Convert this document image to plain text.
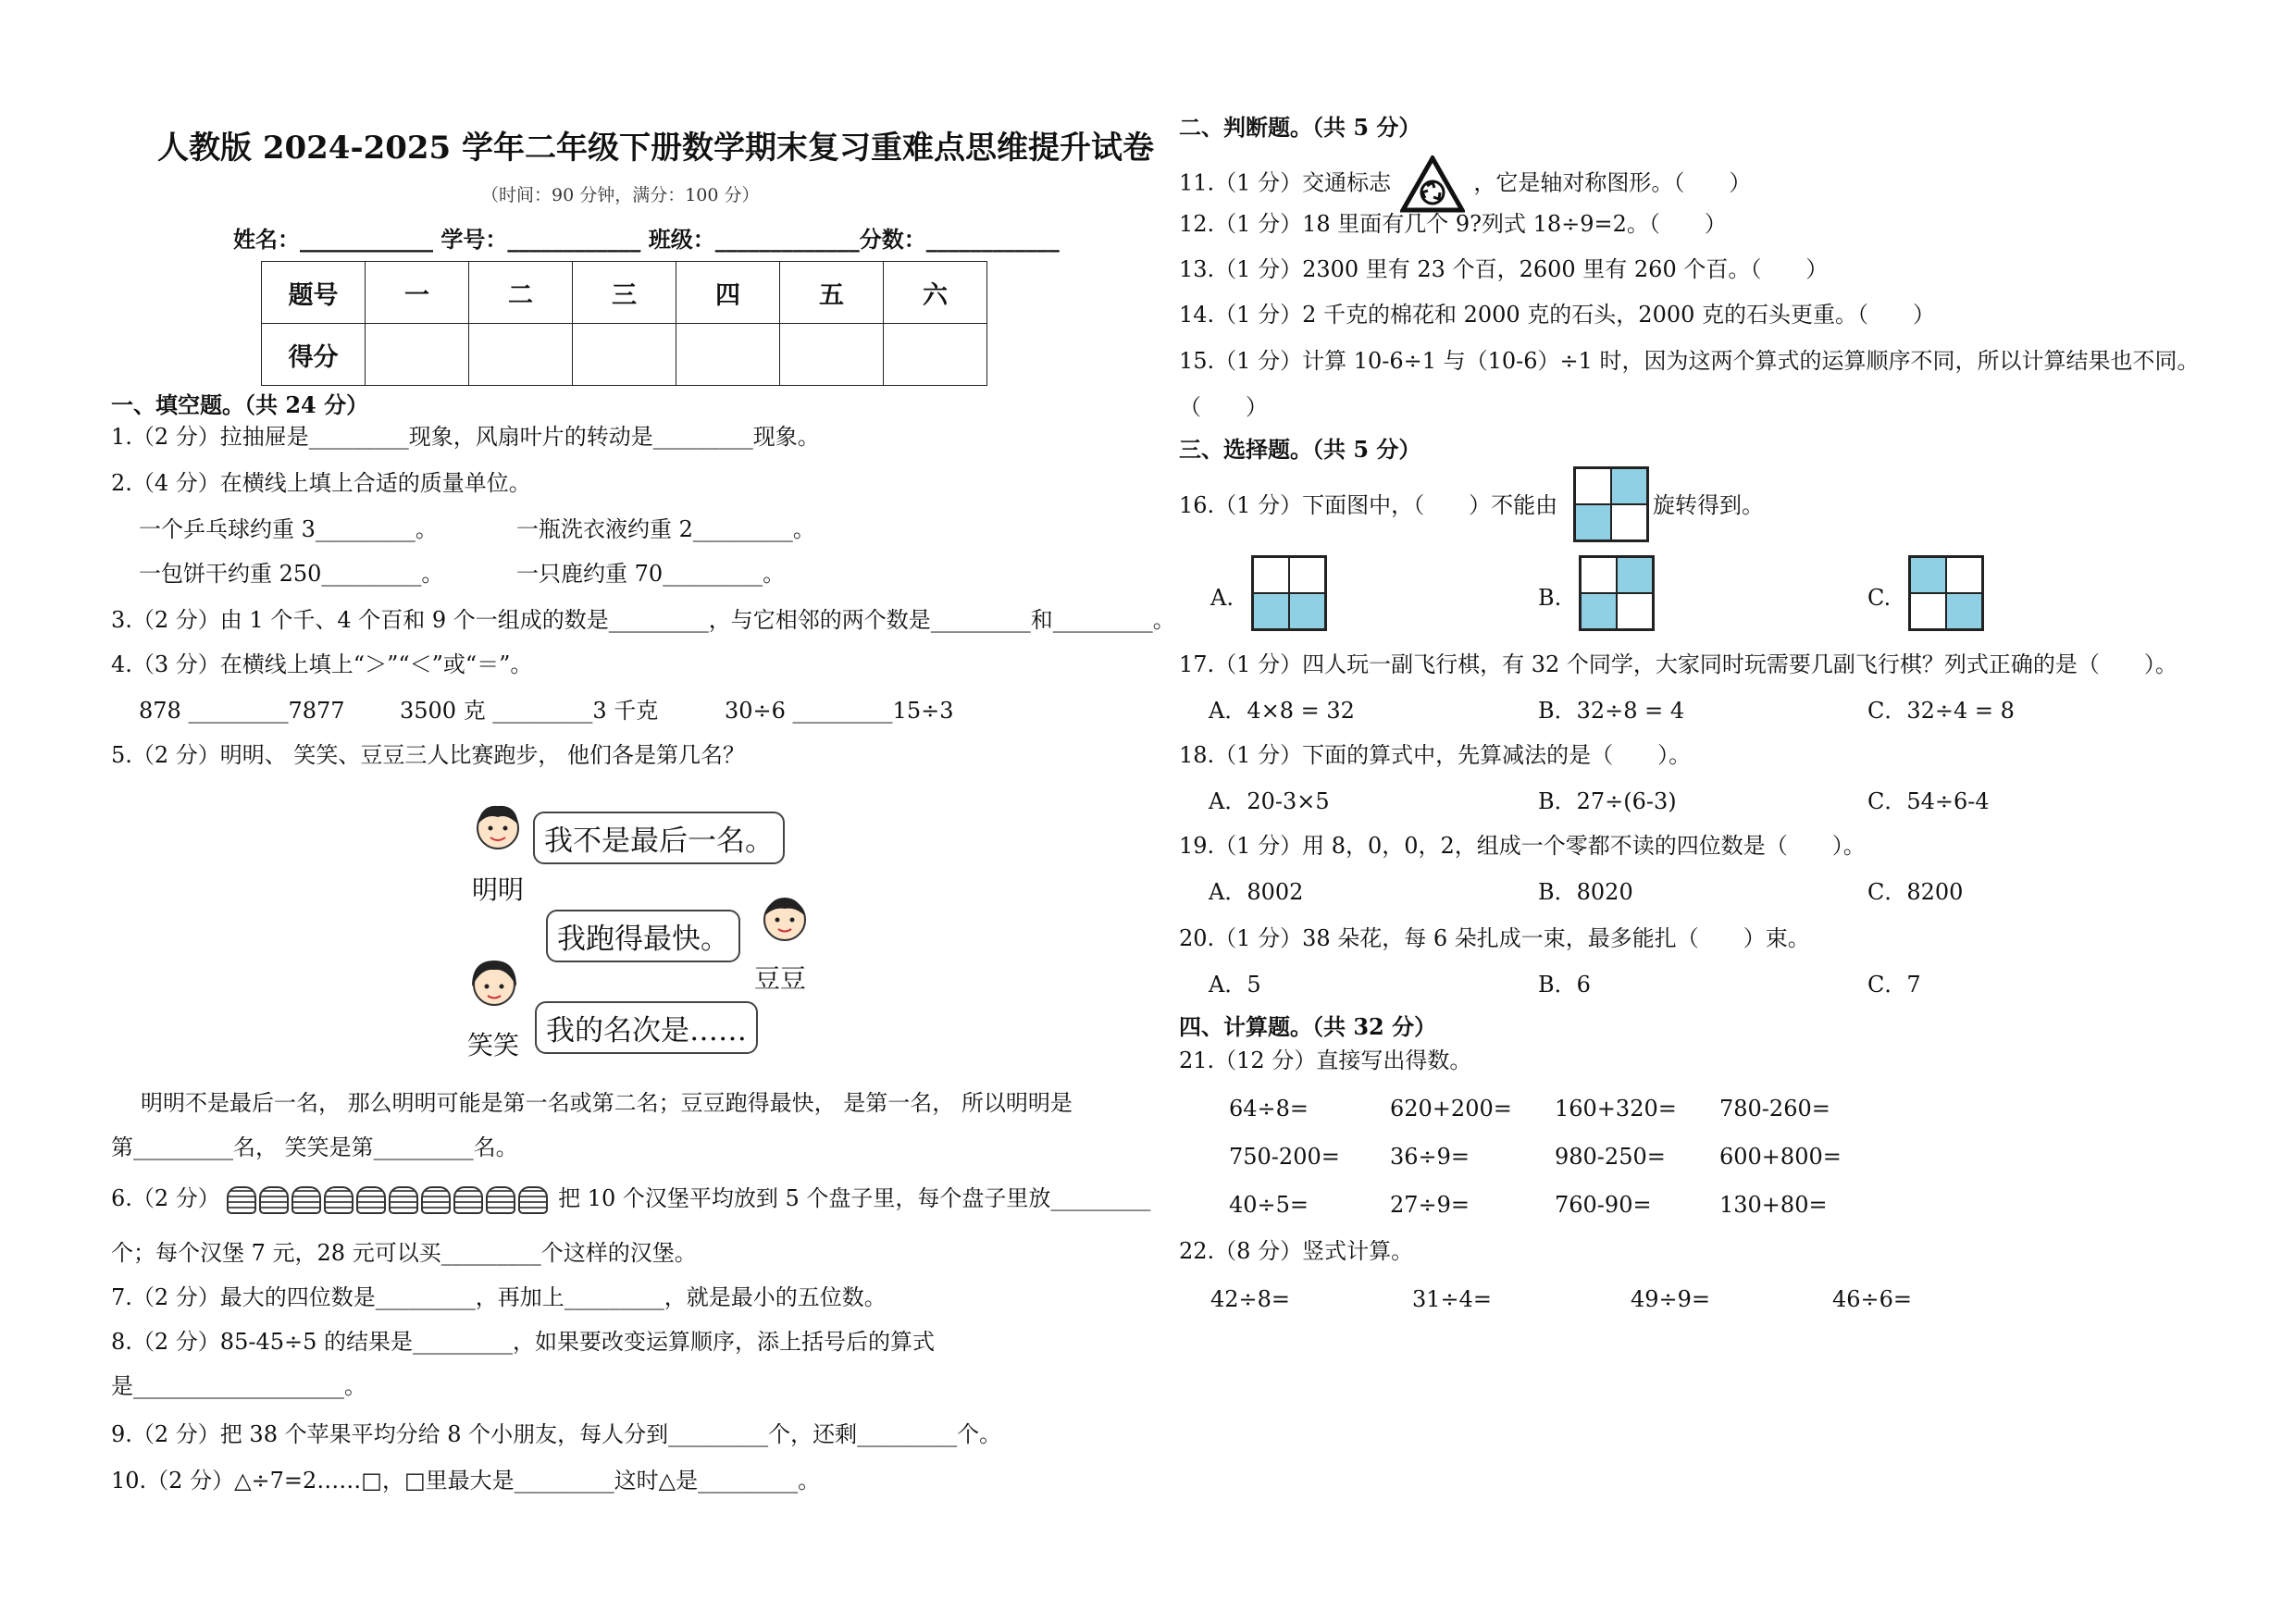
人教版 2024-2025 学年二年级下册数学期末复习重难点思维提升试卷
（时间：90 分钟，满分：100 分）
姓名：____________ 学号：____________ 班级：_____________分数：____________
题号	一	二	三	四	五	六
得分						
一、填空题。（共 24 分）
1.（2 分）拉抽屉是_________现象，风扇叶片的转动是_________现象。
2.（4 分）在横线上填上合适的质量单位。
一个乒乓球约重 3_________。	一瓶洗衣液约重 2_________。
一包饼干约重 250_________。	一只鹿约重 70_________。
3.（2 分）由 1 个千、4 个百和 9 个一组成的数是_________，与它相邻的两个数是_________和_________。
4.（3 分）在横线上填上“＞”“＜”或“＝”。
878 _________7877 3500 克 _________3 千克	30÷6 _________15÷3
5.（2 分）明明、 笑笑、豆豆三人比赛跑步， 他们各是第几名？
我不是最后一名。
明明
我跑得最快。
豆豆
我的名次是……
笑笑
明明不是最后一名， 那么明明可能是第一名或第二名；豆豆跑得最快， 是第一名， 所以明明是
第_________名， 笑笑是第_________名。
6.（2 分）	把 10 个汉堡平均放到 5 个盘子里，每个盘子里放_________
个；每个汉堡 7 元，28 元可以买_________个这样的汉堡。
7.（2 分）最大的四位数是_________，再加上_________，就是最小的五位数。
8.（2 分）85-45÷5 的结果是_________，如果要改变运算顺序，添上括号后的算式
是___________________。
9.（2 分）把 38 个苹果平均分给 8 个小朋友，每人分到_________个，还剩_________个。
10.（2 分）△÷7=2……□，□里最大是_________这时△是_________。
二、判断题。（共 5 分）
11.（1 分）交通标志	，它是轴对称图形。（　　）
12.（1 分）18 里面有几个 9?列式 18÷9=2。（　　）
13.（1 分）2300 里有 23 个百，2600 里有 260 个百。（　　）
14.（1 分）2 千克的棉花和 2000 克的石头，2000 克的石头更重。（　　）
15.（1 分）计算 10-6÷1 与（10-6）÷1 时，因为这两个算式的运算顺序不同，所以计算结果也不同。
（　　）
三、选择题。（共 5 分）
16.（1 分）下面图中，（　　）不能由	旋转得到。
A.	B.	C.
17.（1 分）四人玩一副飞行棋，有 32 个同学，大家同时玩需要几副飞行棋？列式正确的是（　　）。
A．4×8 = 32	B．32÷8 = 4	C．32÷4 = 8
18.（1 分）下面的算式中，先算减法的是（　　）。
A．20-3×5	B．27÷(6-3)	C．54÷6-4
19.（1 分）用 8，0，0，2，组成一个零都不读的四位数是（　　）。
A．8002	B．8020	C．8200
20.（1 分）38 朵花，每 6 朵扎成一束，最多能扎（　　）束。
A．5	B．6	C．7
四、计算题。（共 32 分）
21.（12 分）直接写出得数。
64÷8=	620+200= 160+320= 780-260=
750-200= 36÷9=	980-250= 600+800=
40÷5=	27÷9=	760-90=	130+80=
22.（8 分）竖式计算。
42÷8=	31÷4=	49÷9=	46÷6=
